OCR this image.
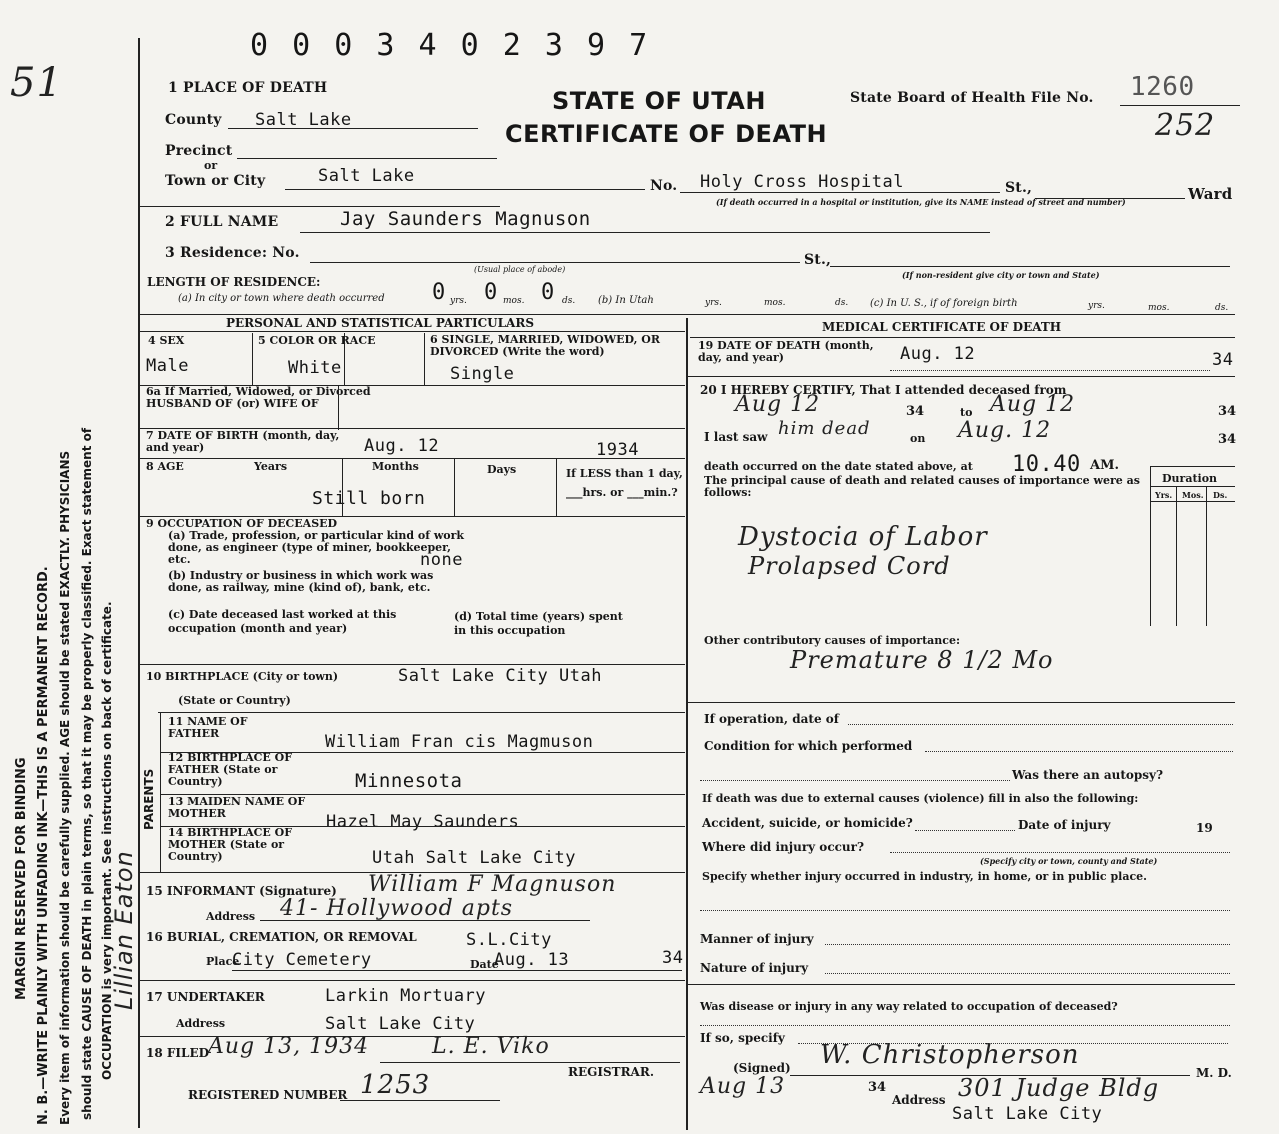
MARGIN RESERVED FOR BINDING N. B.—WRITE PLAINLY WITH UNFADING INK—THIS IS A PERMANENT RECORD. Every item of information should be carefully supplied. AGE should be stated EXACTLY. PHYSICIANS should state CAUSE OF DEATH in plain terms, so that it may be properly classified. Exact statement of OCCUPATION is very important. See instructions on back of certificate.
Lillian Eaton
51
0 0 0 3 4 0 2 3 9 7
1 PLACE OF DEATH	STATE OF UTAH
CERTIFICATE OF DEATH
State Board of Health File No. 1260
252
County Salt Lake
Precinct
or
Town or City	Salt Lake	No. Holy Cross Hospital	St.,	Ward
(If death occurred in a hospital or institution, give its NAME instead of street and number)
2 FULL NAME	Jay Saunders Magnuson
3 Residence: No.
(Usual place of abode)
St.,
(If non-resident give city or town and State)
LENGTH OF RESIDENCE:
(a) In city or town where death occurred 0 yrs. 0 mos. 0 ds. (b) In Utah	yrs.	mos.	ds. (c) In U. S., if of foreign birth	yrs.	mos.	ds.
PERSONAL AND STATISTICAL PARTICULARS	MEDICAL CERTIFICATE OF DEATH
4 SEX
Male
5 COLOR OR RACE
White
6 SINGLE, MARRIED, WIDOWED, OR DIVORCED (Write the word)
Single
6a If Married, Widowed, or Divorced HUSBAND OF (or) WIFE OF
7 DATE OF BIRTH (month, day, and year)	Aug. 12	1934
8 AGE	Years	Months	Days	If LESS than 1 day, ___hrs. or ___min.?
Still born
9 OCCUPATION OF DECEASED
(a) Trade, profession, or particular kind of work done, as engineer (type of miner, bookkeeper, etc.	none
(b) Industry or business in which work was done, as railway, mine (kind of), bank, etc.
(c) Date deceased last worked at this occupation (month and year)
(d) Total time (years) spent in this occupation
10 BIRTHPLACE (City or town)
(State or Country)
Salt Lake City Utah
PARENTS
11 NAME OF FATHER	William Fran cis Magmuson
12 BIRTHPLACE OF FATHER (State or Country)	Minnesota
13 MAIDEN NAME OF MOTHER	Hazel May Saunders
14 BIRTHPLACE OF MOTHER (State or Country)	Utah Salt Lake City
15 INFORMANT (Signature) William F Magnuson
Address 41- Hollywood apts
16 BURIAL, CREMATION, OR REMOVAL	S.L.City
Place
City Cemetery	Date
Aug. 13	34
17 UNDERTAKER	Larkin Mortuary
Address	Salt Lake City
18 FILED Aug 13, 1934	L. E. Viko
REGISTRAR.
REGISTERED NUMBER 1253
19 DATE OF DEATH (month, day, and year)	Aug. 12	34
20 I HEREBY CERTIFY, That I attended deceased from
Aug 12	34	to Aug 12	34
I last saw him dead	on Aug. 12	34
death occurred on the date stated above, at 10.40 AM.
The principal cause of death and related causes of importance were as follows:
Duration
Yrs. Mos. Ds.
Dystocia of Labor
Prolapsed Cord
Other contributory causes of importance:
Premature 8 1/2 Mo
If operation, date of
Condition for which performed
Was there an autopsy?
If death was due to external causes (violence) fill in also the following:
Accident, suicide, or homicide?	Date of injury	19
Where did injury occur?
(Specify city or town, county and State)
Specify whether injury occurred in industry, in home, or in public place.
Manner of injury
Nature of injury
Was disease or injury in any way related to occupation of deceased?
If so, specify
(Signed) W. Christopherson
M. D.
Aug 13	34
Address 301 Judge Bldg
Salt Lake City
